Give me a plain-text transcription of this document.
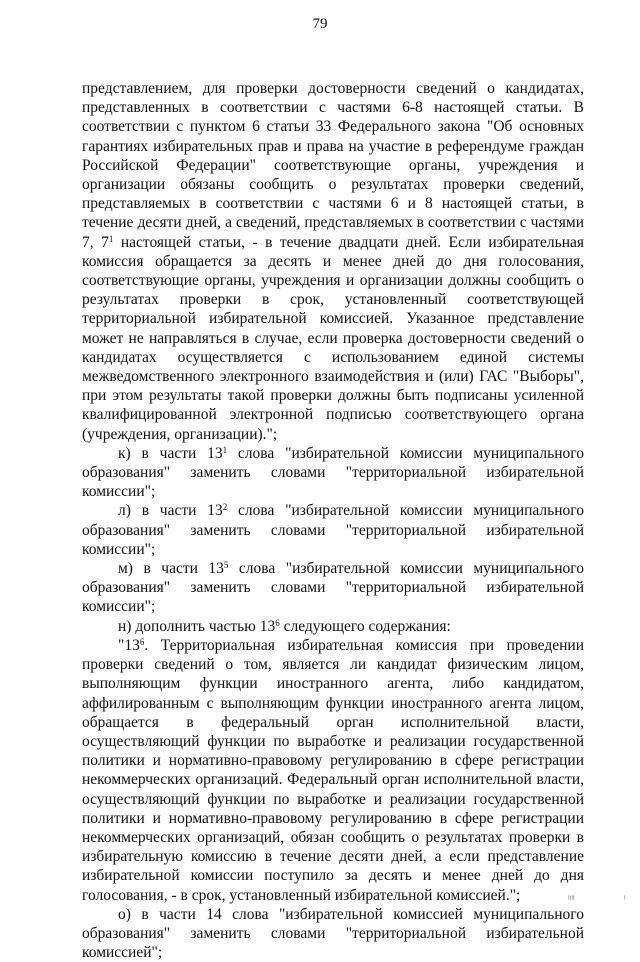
79

представлением, для проверки достоверности сведений о кандидатах, представленных в соответствии с частями 6-8 настоящей статьи. В соответствии с пунктом 6 статьи 33 Федерального закона "Об основных гарантиях избирательных прав и права на участие в референдуме граждан Российской Федерации" соответствующие органы, учреждения и организации обязаны сообщить о результатах проверки сведений, представляемых в соответствии с частями 6 и 8 настоящей статьи, в течение десяти дней, а сведений, представляемых в соответствии с частями 7, $7^1$ настоящей статьи, - в течение двадцати дней. Если избирательная комиссия обращается за десять и менее дней до дня голосования, соответствующие органы, учреждения и организации должны сообщить о результатах проверки в срок, установленный соответствующей территориальной избирательной комиссией. Указанное представление может не направляться в случае, если проверка достоверности сведений о кандидатах осуществляется с использованием единой системы межведомственного электронного взаимодействия и (или) ГАС "Выборы", при этом результаты такой проверки должны быть подписаны усиленной квалифицированной электронной подписью соответствующего органа (учреждения, организации).";

к) в части $13^1$ слова "избирательной комиссии муниципального образования" заменить словами "территориальной избирательной комиссии";

л) в части $13^2$ слова "избирательной комиссии муниципального образования" заменить словами "территориальной избирательной комиссии";

м) в части $13^5$ слова "избирательной комиссии муниципального образования" заменить словами "территориальной избирательной комиссии";

н) дополнить частью $13^6$ следующего содержания:

"$13^6$. Территориальная избирательная комиссия при проведении проверки сведений о том, является ли кандидат физическим лицом, выполняющим функции иностранного агента, либо кандидатом, аффилированным с выполняющим функции иностранного агента лицом, обращается в федеральный орган исполнительной власти, осуществляющий функции по выработке и реализации государственной политики и нормативно-правовому регулированию в сфере регистрации некоммерческих организаций. Федеральный орган исполнительной власти, осуществляющий функции по выработке и реализации государственной политики и нормативно-правовому регулированию в сфере регистрации некоммерческих организаций, обязан сообщить о результатах проверки в избирательную комиссию в течение десяти дней, а если представление избирательной комиссии поступило за десять и менее дней до дня голосования, - в срок, установленный избирательной комиссией.";

о) в части 14 слова "избирательной комиссией муниципального образования" заменить словами "территориальной избирательной комиссией";

!!!!	!
